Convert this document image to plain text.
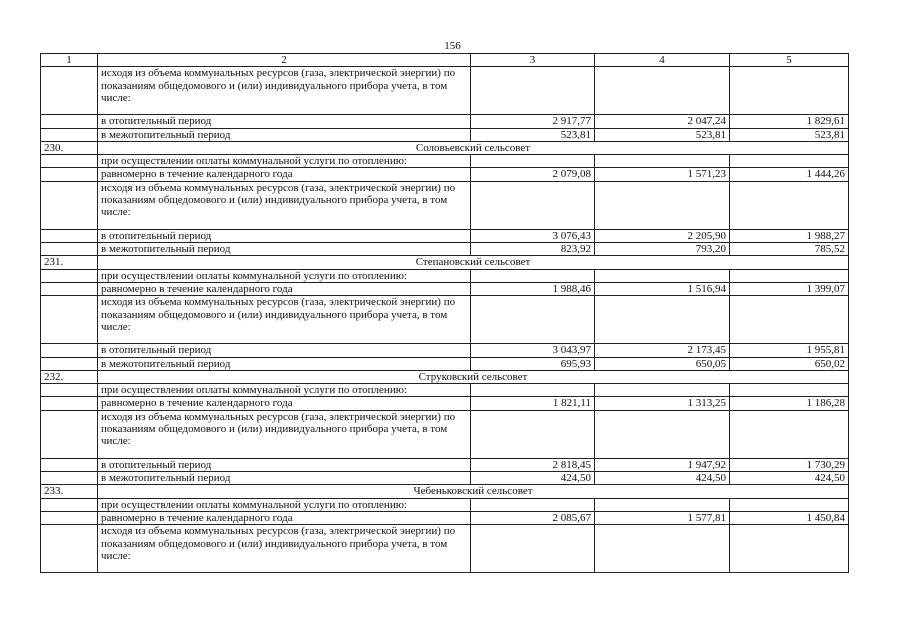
156
1	2	3	4	5
	исходя из объема коммунальных ресурсов (газа, электрической энергии) по показаниям общедомового и (или) индивидуального прибора учета, в том числе:			
	в отопительный период	2 917,77	2 047,24	1 829,61
	в межотопительный период	523,81	523,81	523,81
230.	Соловьевский сельсовет			
	при осуществлении оплаты коммунальной услуги по отоплению:			
	равномерно в течение календарного года	2 079,08	1 571,23	1 444,26
	исходя из объема коммунальных ресурсов (газа, электрической энергии) по показаниям общедомового и (или) индивидуального прибора учета, в том числе:			
	в отопительный период	3 076,43	2 205,90	1 988,27
	в межотопительный период	823,92	793,20	785,52
231.	Степановский сельсовет			
	при осуществлении оплаты коммунальной услуги по отоплению:			
	равномерно в течение календарного года	1 988,46	1 516,94	1 399,07
	исходя из объема коммунальных ресурсов (газа, электрической энергии) по показаниям общедомового и (или) индивидуального прибора учета, в том числе:			
	в отопительный период	3 043,97	2 173,45	1 955,81
	в межотопительный период	695,93	650,05	650,02
232.	Струковский сельсовет			
	при осуществлении оплаты коммунальной услуги по отоплению:			
	равномерно в течение календарного года	1 821,11	1 313,25	1 186,28
	исходя из объема коммунальных ресурсов (газа, электрической энергии) по показаниям общедомового и (или) индивидуального прибора учета, в том числе:			
	в отопительный период	2 818,45	1 947,92	1 730,29
	в межотопительный период	424,50	424,50	424,50
233.	Чебеньковский сельсовет			
	при осуществлении оплаты коммунальной услуги по отоплению:			
	равномерно в течение календарного года	2 085,67	1 577,81	1 450,84
	исходя из объема коммунальных ресурсов (газа, электрической энергии) по показаниям общедомового и (или) индивидуального прибора учета, в том числе:			
